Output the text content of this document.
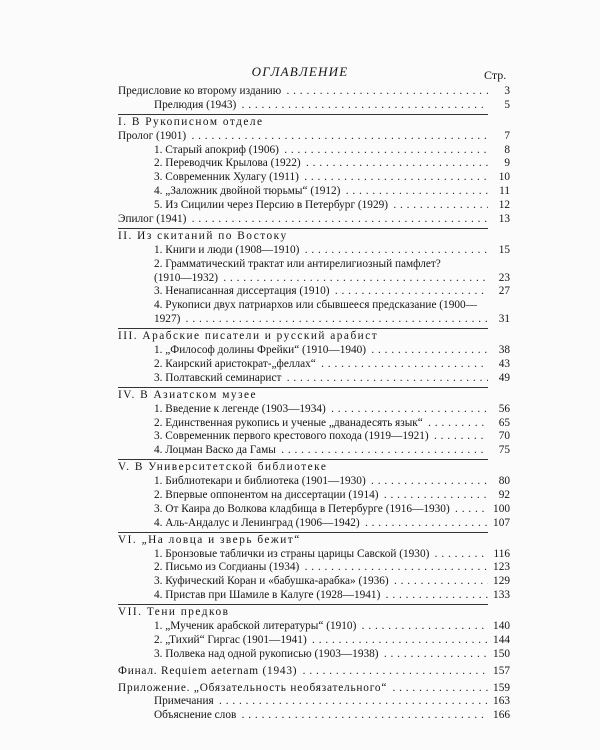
ОГЛАВЛЕНИЕ	Стр.
Предисловие ко второму изданию . . .	3
Прелюдия (1943) . . .	5
I. В Рукописном отделе
Пролог (1901) . . .	7
1. Старый апокриф (1906) . . .	8
2. Переводчик Крылова (1922) . . .	9
3. Современник Хулагу (1911) . . .	10
4. „Заложник двойной тюрьмы“ (1912) . . .	11
5. Из Сицилии через Персию в Петербург (1929) . . .	12
Эпилог (1941) . . .	13
II. Из скитаний по Востоку
1. Книги и люди (1908—1910) . . .	15
2. Грамматический трактат или антирелигиозный памфлет?
(1910—1932) . . .	23
3. Ненаписанная диссертация (1910) . . .	27
4. Рукописи двух патриархов или сбывшееся предсказание (1900—
1927) . . .	31
III. Арабские писатели и русский арабист
1. „Философ долины Фрейки“ (1910—1940) . . .	38
2. Каирский аристократ-„феллах“ . . .	43
3. Полтавский семинарист . . .	49
IV. В Азиатском музее
1. Введение к легенде (1903—1934) . . .	56
2. Единственная рукопись и ученые „дванадесять язык“ . . .	65
3. Современник первого крестового похода (1919—1921) . . .	70
4. Лоцман Васко да Гамы . . .	75
V. В Университетской библиотеке
1. Библиотекари и библиотека (1901—1930) . . .	80
2. Впервые оппонентом на диссертации (1914) . . .	92
3. От Каира до Волкова кладбища в Петербурге (1916—1930) . . .	100
4. Аль-Андалус и Ленинград (1906—1942) . . .	107
VI. „На ловца и зверь бежит“
1. Бронзовые таблички из страны царицы Савской (1930) . . .	116
2. Письмо из Согдианы (1934) . . .	123
3. Куфический Коран и «бабушка-арабка» (1936) . . .	129
4. Пристав при Шамиле в Калуге (1928—1941) . . .	133
VII. Тени предков
1. „Мученик арабской литературы“ (1910) . . .	140
2. „Тихий“ Гиргас (1901—1941) . . .	144
3. Полвека над одной рукописью (1903—1938) . . .	150
Финал. Requiem aeternam (1943) . . .	157
Приложение. „Обязательность необязательного“ . . .	159
Примечания . . .	163
Объяснение слов . . .	166
